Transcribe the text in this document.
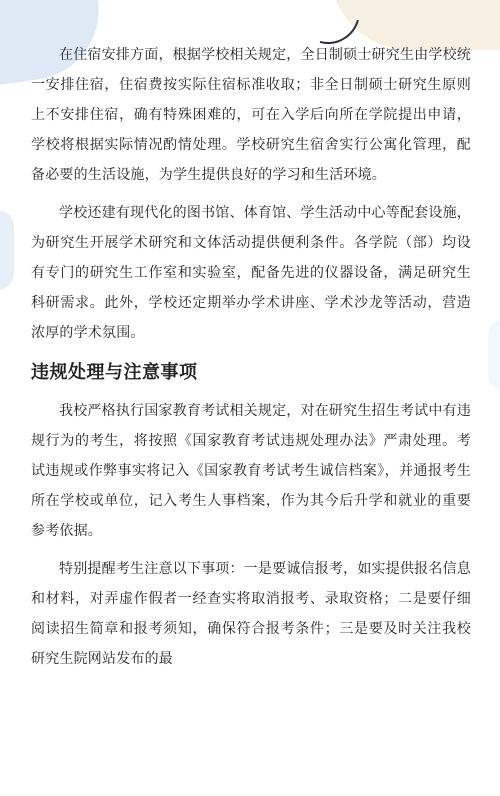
在住宿安排方面，根据学校相关规定，全日制硕士研究生由学校统一安排住宿，住宿费按实际住宿标准收取；非全日制硕士研究生原则上不安排住宿，确有特殊困难的，可在入学后向所在学院提出申请，学校将根据实际情况酌情处理。学校研究生宿舍实行公寓化管理，配备必要的生活设施，为学生提供良好的学习和生活环境。

学校还建有现代化的图书馆、体育馆、学生活动中心等配套设施，为研究生开展学术研究和文体活动提供便利条件。各学院（部）均设有专门的研究生工作室和实验室，配备先进的仪器设备，满足研究生科研需求。此外，学校还定期举办学术讲座、学术沙龙等活动，营造浓厚的学术氛围。

违规处理与注意事项

我校严格执行国家教育考试相关规定，对在研究生招生考试中有违规行为的考生，将按照《国家教育考试违规处理办法》严肃处理。考试违规或作弊事实将记入《国家教育考试考生诚信档案》，并通报考生所在学校或单位，记入考生人事档案，作为其今后升学和就业的重要参考依据。

特别提醒考生注意以下事项：一是要诚信报考，如实提供报名信息和材料，对弄虚作假者一经查实将取消报考、录取资格；二是要仔细阅读招生简章和报考须知，确保符合报考条件；三是要及时关注我校研究生院网站发布的最
